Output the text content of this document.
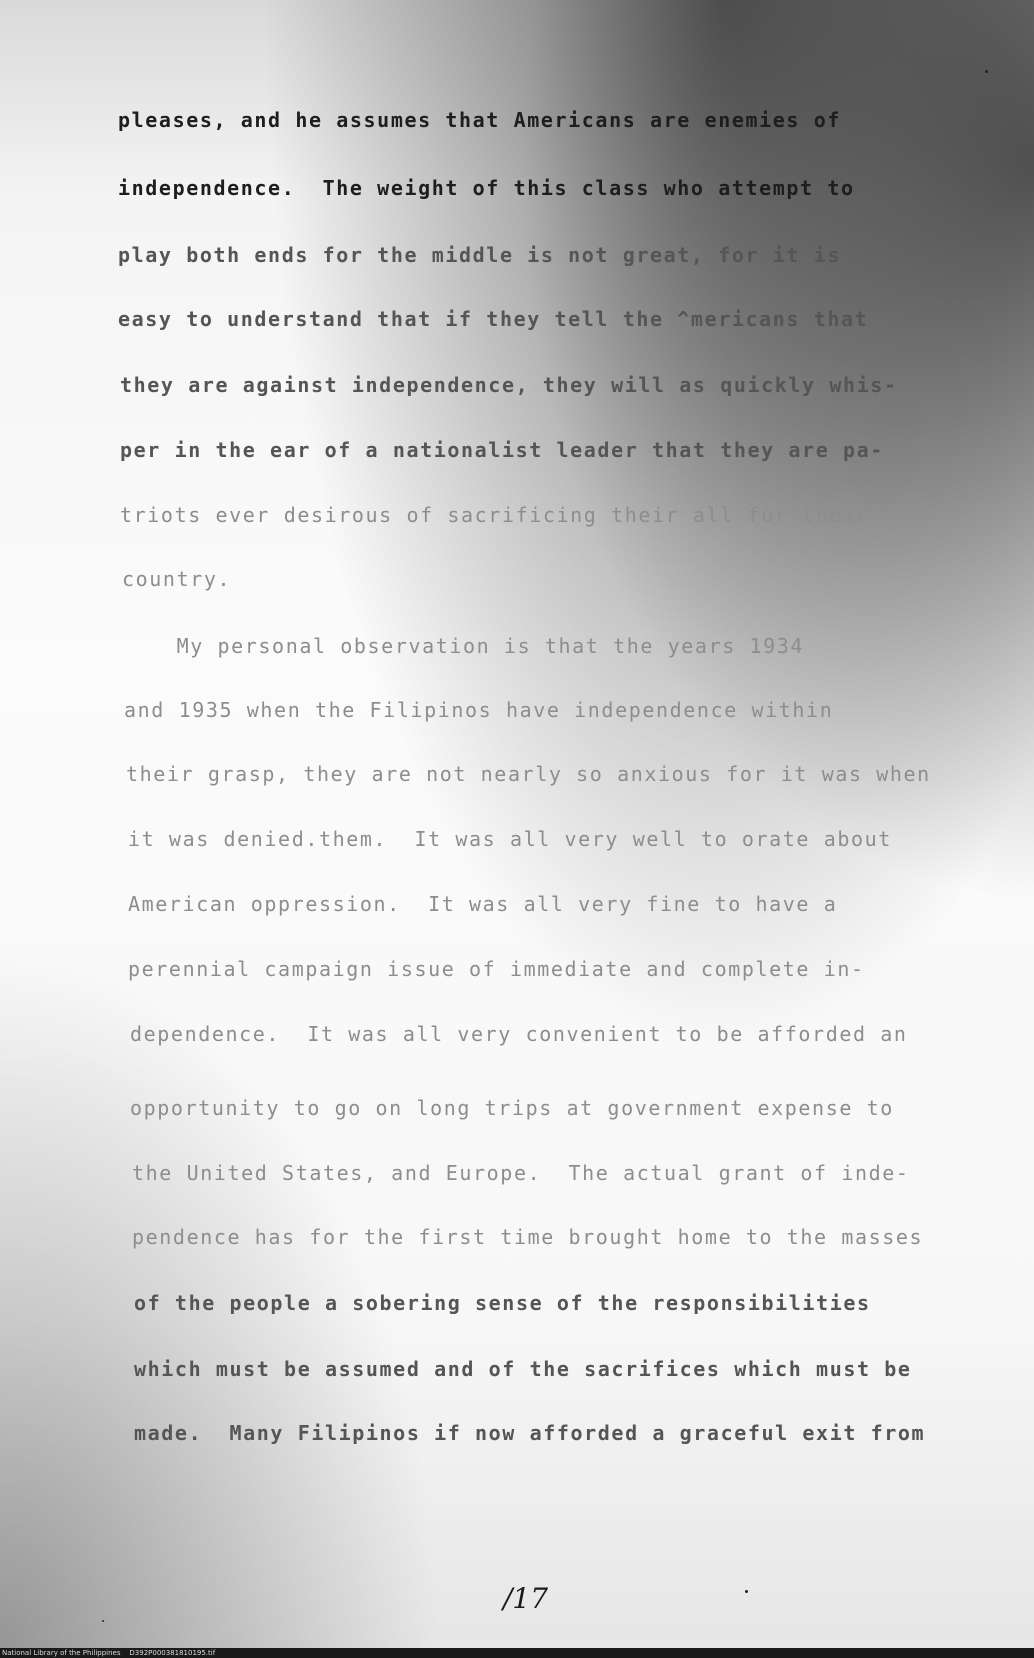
pleases, and he assumes that Americans are enemies of
independence.  The weight of this class who attempt to
play both ends for the middle is not great, for it is
easy to understand that if they tell the ^mericans that
they are against independence, they will as quickly whis-
per in the ear of a nationalist leader that they are pa-
triots ever desirous of sacrificing their all for their
country.
My personal observation is that the years 1934
and 1935 when the Filipinos have independence within
their grasp, they are not nearly so anxious for it was when
it was denied.them.  It was all very well to orate about
American oppression.  It was all very fine to have a
perennial campaign issue of immediate and complete in-
dependence.  It was all very convenient to be afforded an
opportunity to go on long trips at government expense to
the United States, and Europe.  The actual grant of inde-
pendence has for the first time brought home to the masses
of the people a sobering sense of the responsibilities
which must be assumed and of the sacrifices which must be
made.  Many Filipinos if now afforded a graceful exit from
/17
National Library of the Philippines    D392P000381810195.tif
